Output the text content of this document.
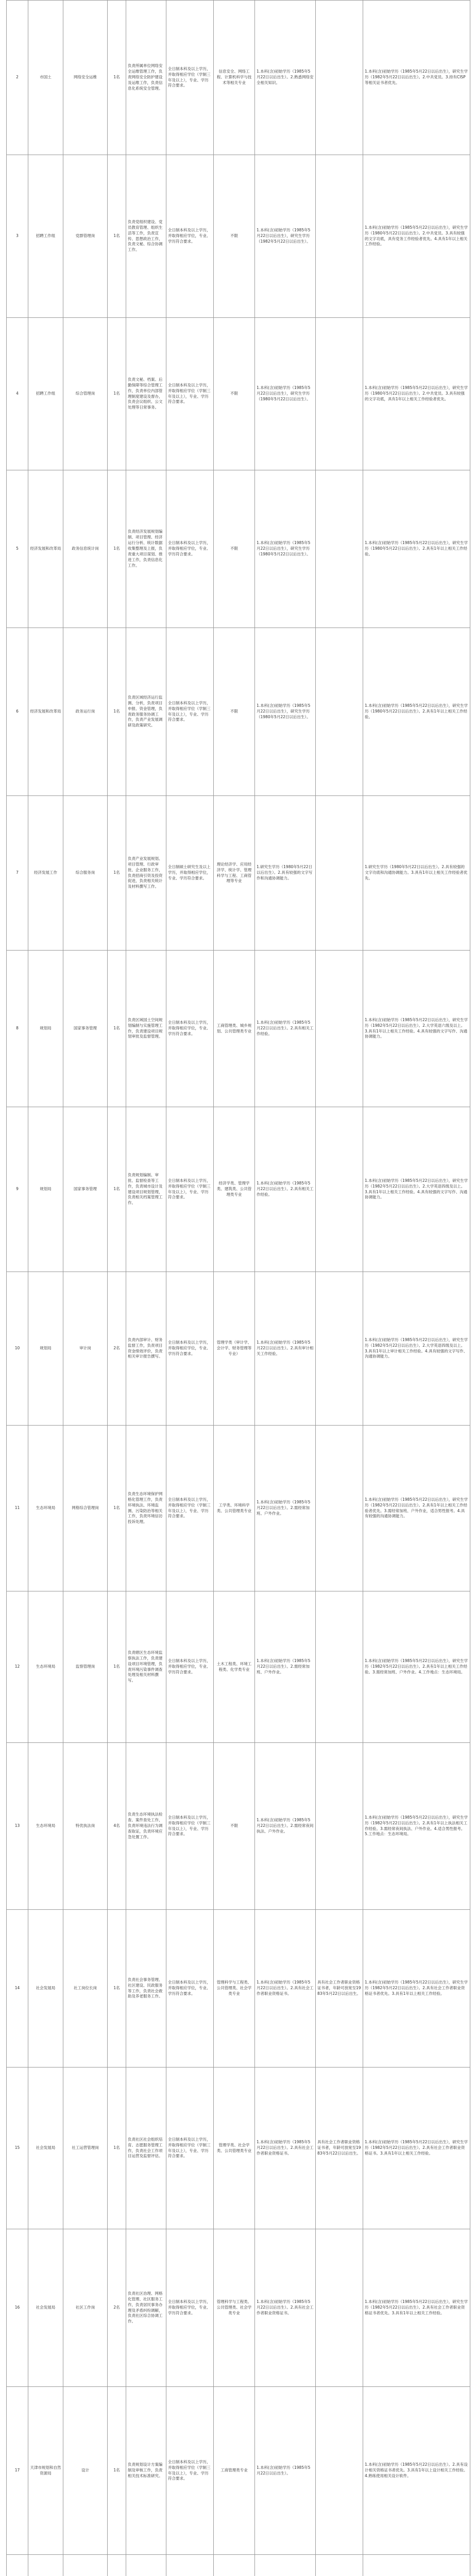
2	市国土	网络安全运维	1名	负责所属单位网络安全运维管理工作，负责网络安全防护建设及运维工作，负责信息化系统安全管理。	全日制本科及以上学历，并取得相应学位（学制三年及以上），专业、学历符合要求。	信息安全、网络工程、计算机科学与技术等相关专业	1.本科(含)初始学历（1985年5月22日以后出生）。2.熟悉网络安全相关知识。		1.本科(含)初始学历（1985年5月22日以后出生），研究生学历（1982年5月22日以后出生）。2.中共党员。3.持有CISP等相关证书者优先。
3	招聘工作组	党群管理岗	1名	负责党组织建设、党员教育管理、组织生活等工作，负责宣传、思想政治工作，负责文秘、综合协调工作。	全日制本科及以上学历，并取得相应学位，专业、学历符合要求。	不限	1.本科(含)初始学历（1985年5月22日以后出生），研究生学历（1982年5月22日以后出生）。		1.本科(含)初始学历（1985年5月22日以后出生），研究生学历（1980年5月22日以后出生）。2.中共党员。3.具有较强的文字功底，具有党务工作经验者优先。4.具有1年以上相关工作经验。
4	招聘工作组	综合管理岗	1名	负责文秘、档案、后勤保障等综合管理工作，负责单位内部管理制度建设及督办，负责会议组织、公文处理等日常事务。	全日制本科及以上学历，并取得相应学位（学制三年及以上），专业、学历符合要求。	不限	1.本科(含)初始学历（1985年5月22日以后出生），研究生学历（1980年5月22日以后出生）。		1.本科(含)初始学历（1985年5月22日以后出生），研究生学历（1980年5月22日以后出生）。2.中共党员。3.具有较强的文字功底，具有1年以上相关工作经验者优先。
5	经济发展和改革局	政务信息统计岗	1名	负责经济发展规划编制、项目管理、经济运行分析、统计数据收集整理及上报，负责重大项目谋划、推进工作，负责信息化工作。	全日制本科及以上学历，并取得相应学位，专业、学历符合要求。	不限	1.本科(含)初始学历（1985年5月22日以后出生），研究生学历（1980年5月22日以后出生）。		1.本科(含)初始学历（1985年5月22日以后出生），研究生学历（1980年5月22日以后出生）。2.具有1年以上相关工作经验。
6	经济发展和改革局	政务运行岗	1名	负责区域经济运行监测、分析，负责项目申报、资金管理，负责政务服务协调工作，负责产业发展调研及政策研究。	全日制本科及以上学历，并取得相应学位（学制三年及以上），专业、学历符合要求。	不限	1.本科(含)初始学历（1985年5月22日以后出生），研究生学历（1980年5月22日以后出生）。		1.本科(含)初始学历（1985年5月22日以后出生），研究生学历（1980年5月22日以后出生）。2.具有1年以上相关工作经验。
7	经济发展工作	综合服务岗	1名	负责产业发展规划、项目管理、行政审批、企业服务工作，负责招商引资及投资促进，负责相关统计及材料撰写工作。	全日制硕士研究生及以上学历，并取得相应学位，专业、学历符合要求。	理论经济学、应用经济学、统计学、管理科学与工程、工商管理等专业	1.研究生学历（1980年5月22日以后出生）。2.具有较强的文字写作和沟通协调能力。		1.研究生学历（1980年5月22日以后出生）。2.具有较强的文字功底和沟通协调能力。3.具有1年以上相关工作经验者优先。
8	规划局	国家事务管理	1名	负责区域国土空间规划编制与实施管理工作，负责建设项目规划审批及监督管理。	全日制本科及以上学历，并取得相应学位，专业、学历符合要求。	工商管理类、城乡规划、公共管理类专业	1.本科(含)初始学历（1985年5月22日以后出生）。2.具有相关工作经验。		1.本科(含)初始学历（1985年5月22日以后出生），研究生学历（1982年5月22日以后出生）。2.大学英语六级及以上。3.具有1年以上相关工作经验。4.具有较强的文字写作、沟通协调能力。
9	规划局	国家事务管理	1名	负责规划编制、审批、监督检查等工作，负责城市设计及建设项目规划管理，负责相关档案管理工作。	全日制本科及以上学历，并取得相应学位（学制三年及以上），专业、学历符合要求。	经济学类、管理学类、建筑类、公共管理类专业	1.本科(含)初始学历（1985年5月22日以后出生）。2.具有相关工作经验。		1.本科(含)初始学历（1985年5月22日以后出生），研究生学历（1982年5月22日以后出生）。2.大学英语四级及以上。3.具有1年以上相关工作经验。4.具有较强的文字写作、沟通协调能力。
10	规划局	审计岗	2名	负责内部审计、财务监督工作，负责项目资金绩效评价，负责相关审计报告撰写。	全日制本科及以上学历，并取得相应学位，专业、学历符合要求。	管理学类（审计学、会计学、财务管理等专业）	1.本科(含)初始学历（1985年5月22日以后出生）。2.具有审计相关工作经验。		1.本科(含)初始学历（1985年5月22日以后出生），研究生学历（1982年5月22日以后出生）。2.大学英语四级及以上。3.具有1年以上审计相关工作经验。4.具有较强的文字写作、沟通协调能力。
11	生态环境局	网格综合管理岗	1名	负责生态环境保护网格化管理工作，负责环境执法、环境监测、污染防治等相关工作，负责环境信访投诉处理。	全日制本科及以上学历，并取得相应学位（学制三年及以上），专业、学历符合要求。	工学类、环境科学类、公共管理类专业	1.本科(含)初始学历（1985年5月22日以后出生）。2.需经常加班、户外作业。		1.本科(含)初始学历（1985年5月22日以后出生），研究生学历（1982年5月22日以后出生）。2.具有1年以上相关工作经验者优先。3.需经常加班、户外作业，适合男性报考。4.具有较强的沟通协调能力。
12	生态环境局	监察管理岗	1名	负责辖区生态环境监察执法工作，负责建设项目环境管理，负责环境污染事件调查处理及相关材料撰写。	全日制本科及以上学历，并取得相应学位，专业、学历符合要求。	土木工程类、环境工程类、化学类专业	1.本科(含)初始学历（1985年5月22日以后出生）。2.需经常加班、户外作业。		1.本科(含)初始学历（1985年5月22日以后出生），研究生学历（1982年5月22日以后出生）。2.具有1年以上相关工作经验。3.需经常加班、户外作业。4.工作地点：生态环境局。
13	生态环境局	特优执法岗	4名	负责生态环境执法检查、案件查处工作，负责环境违法行为调查取证，负责环境应急处置工作。	全日制本科及以上学历，并取得相应学位（学制三年及以上），专业、学历符合要求。	不限	1.本科(含)初始学历（1985年5月22日以后出生）。2.需经常夜间执法、户外作业。		1.本科(含)初始学历（1985年5月22日以后出生），研究生学历（1982年5月22日以后出生）。2.具有1年以上执法相关工作经验。3.需经常夜间执法、户外作业。4.适合男性报考。5.工作地点：生态环境局。
14	社会发展局	社工岗位长岗	1名	负责社会事务管理、社区建设、民政服务等工作，负责社会救助及养老服务工作。	全日制本科及以上学历，并取得相应学位，专业、学历符合要求。	管理科学与工程类、公共管理类、社会学类专业	1.本科(含)初始学历（1985年5月22日以后出生）。2.具有社会工作者职业资格证书。	具有社会工作者职业资格证书者，年龄可放宽至1983年5月22日以后出生。	1.本科(含)初始学历（1985年5月22日以后出生），研究生学历（1982年5月22日以后出生）。2.具有社会工作者职业资格证书者优先。3.具有1年以上相关工作经验。
15	社会发展局	社工运营管理岗	1名	负责社区社会组织培育、志愿服务管理工作，负责社会工作项目运营及监督评估。	全日制本科及以上学历，并取得相应学位（学制三年及以上），专业、学历符合要求。	管理学类、社会学类、公共管理类专业	1.本科(含)初始学历（1985年5月22日以后出生）。2.具有社会工作者职业资格证书。	具有社会工作者职业资格证书者，年龄可放宽至1983年5月22日以后出生。	1.本科(含)初始学历（1985年5月22日以后出生），研究生学历（1982年5月22日以后出生）。2.具有社会工作者职业资格证书。3.具有1年以上相关工作经验。
16	社会发展局	社区工作岗	2名	负责社区治理、网格化管理、社区服务工作，负责居民事务办理及矛盾纠纷调解，负责社区综合协调工作。	全日制本科及以上学历，并取得相应学位，专业、学历符合要求。	管理科学与工程类、公共管理类、社会学类专业	1.本科(含)初始学历（1985年5月22日以后出生）。2.具有社会工作者职业资格证书。		1.本科(含)初始学历（1985年5月22日以后出生），研究生学历（1982年5月22日以后出生）。2.具有社会工作者职业资格证书者优先。3.具有1年以上相关工作经验。
17	天津市规划和自然资源局	设计	1名	负责规划设计方案编制及审核工作，负责相关技术标准研究。	全日制本科及以上学历，并取得相应学位（学制三年及以上），专业、学历符合要求。	工商管理类专业	1.本科(含)初始学历（1985年5月22日以后出生）。		1.本科(含)初始学历（1985年5月22日以后出生）。2.具有设计相关资格证书者优先。3.具有1年以上设计相关工作经验。4.熟练使用相关设计软件。
